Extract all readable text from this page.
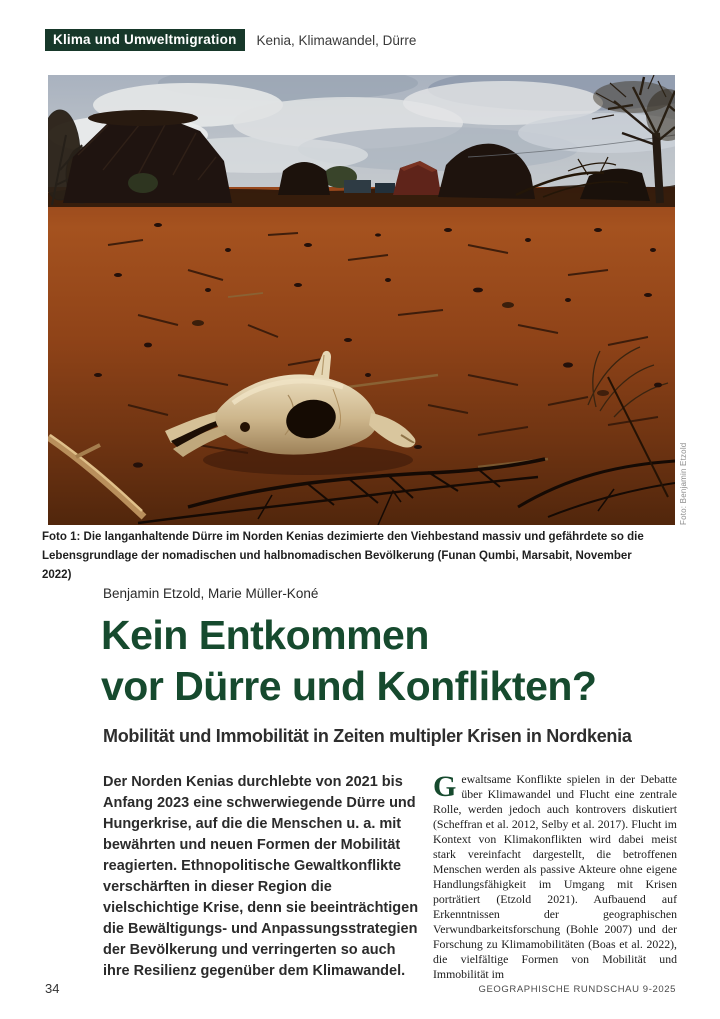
Klima und Umweltmigration	Kenia, Klimawandel, Dürre
Foto: Benjamin Etzold
Foto 1: Die langanhaltende Dürre im Norden Kenias dezimierte den Viehbestand massiv und gefährdete so die Lebensgrundlage der nomadischen und halbnomadischen Bevölkerung (Funan Qumbi, Marsabit, November 2022)
Benjamin Etzold, Marie Müller-Koné
Kein Entkommen
vor Dürre und Konflikten?
Mobilität und Immobilität in Zeiten multipler Krisen in Nordkenia

Der Norden Kenias durchlebte von 2021 bis Anfang 2023 eine schwerwiegende Dürre und Hungerkrise, auf die die Menschen u. a. mit bewährten und neuen Formen der Mobilität reagierten. Ethnopolitische Gewaltkonflikte verschärften in dieser Region die vielschichtige Krise, denn sie beeinträchtigen die Bewältigungs- und Anpassungsstrategien der Bevölkerung und verringerten so auch ihre Resilienz gegenüber dem Klimawandel.

Gewaltsame Konflikte spielen in der Debatte über Klimawandel und Flucht eine zentrale Rolle, werden jedoch auch kontrovers diskutiert (Scheffran et al. 2012, Selby et al. 2017). Flucht im Kontext von Klimakonflikten wird dabei meist stark vereinfacht dargestellt, die betroffenen Menschen werden als passive Akteure ohne eigene Handlungsfähigkeit im Umgang mit Krisen porträtiert (Etzold 2021). Aufbauend auf Erkenntnissen der geographischen Verwundbarkeitsforschung (Bohle 2007) und der Forschung zu Klimamobilitäten (Boas et al. 2022), die vielfältige Formen von Mobilität und Immobilität im

34	GEOGRAPHISCHE RUNDSCHAU 9-2025
